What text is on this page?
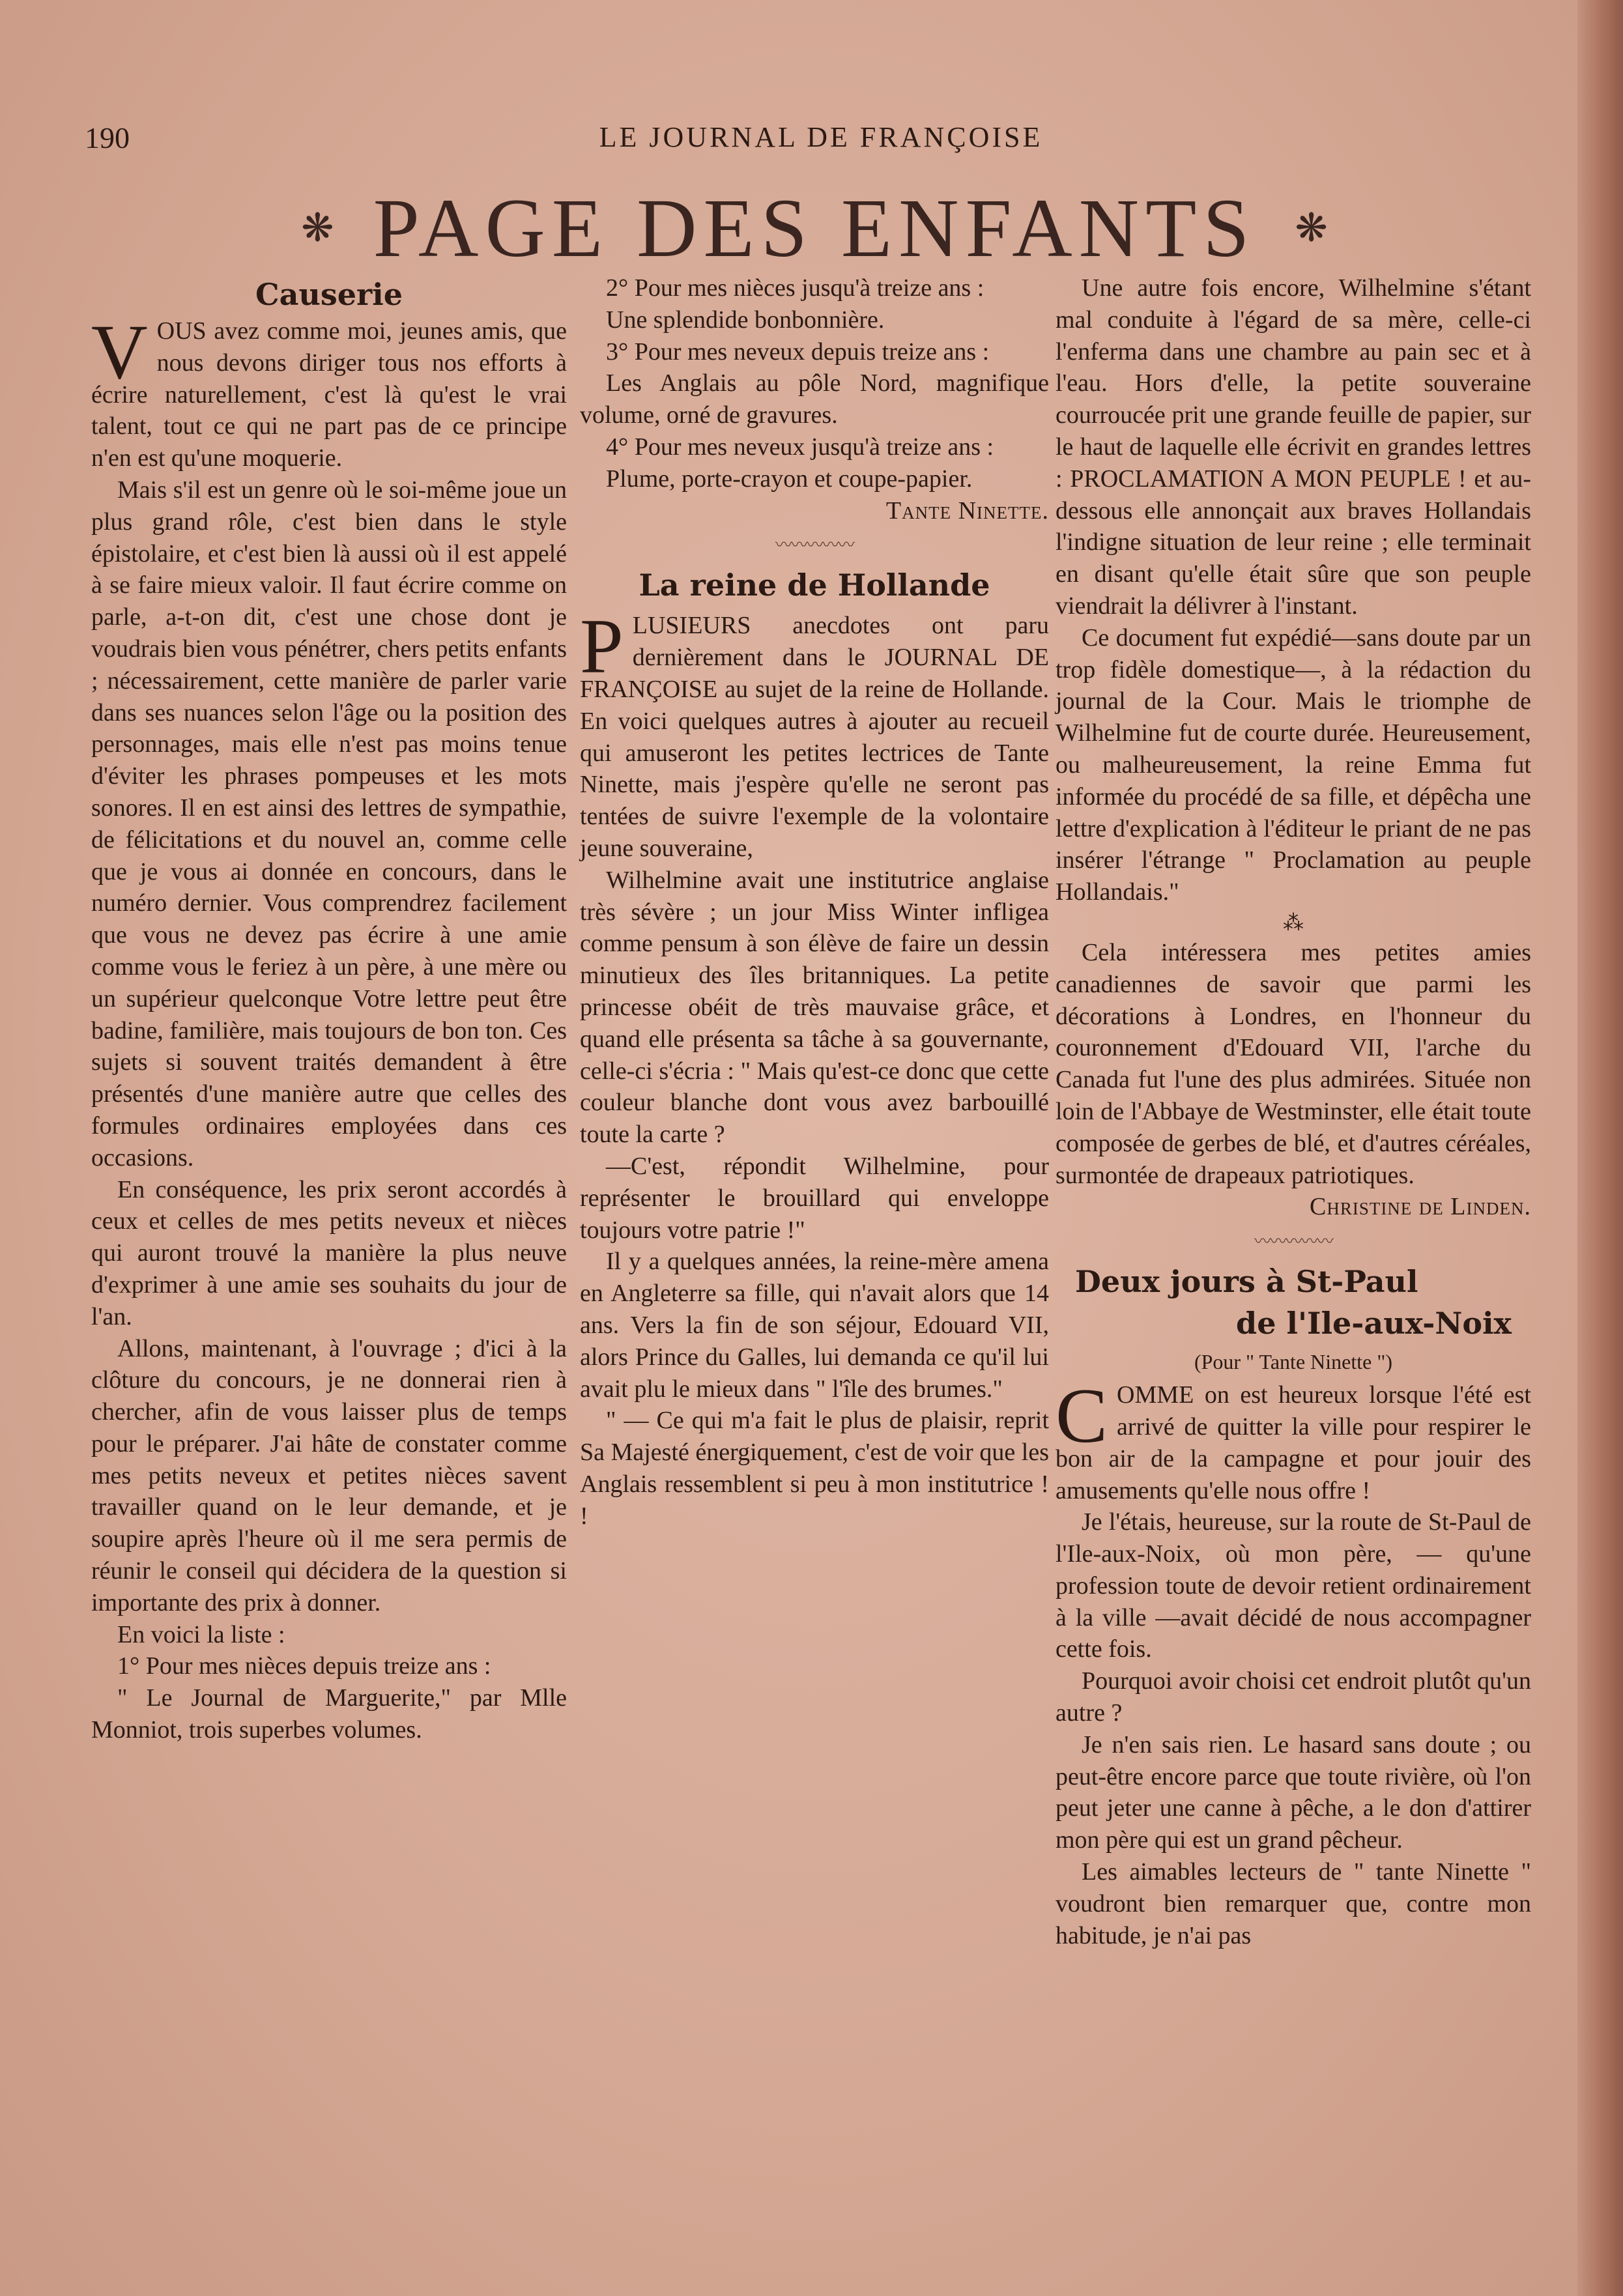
190	LE JOURNAL DE FRANÇOISE
❋ PAGE DES ENFANTS ❋
Causerie

VOUS avez comme moi, jeunes amis, que nous devons diriger tous nos efforts à écrire naturellement, c'est là qu'est le vrai talent, tout ce qui ne part pas de ce principe n'en est qu'une moquerie.

Mais s'il est un genre où le soi-même joue un plus grand rôle, c'est bien dans le style épistolaire, et c'est bien là aussi où il est appelé à se faire mieux valoir. Il faut écrire comme on parle, a-t-on dit, c'est une chose dont je voudrais bien vous pénétrer, chers petits enfants ; nécessairement, cette manière de parler varie dans ses nuances selon l'âge ou la position des personnages, mais elle n'est pas moins tenue d'éviter les phrases pompeuses et les mots sonores. Il en est ainsi des lettres de sympathie, de félicitations et du nouvel an, comme celle que je vous ai donnée en concours, dans le numéro dernier. Vous comprendrez facilement que vous ne devez pas écrire à une amie comme vous le feriez à un père, à une mère ou un supérieur quelconque Votre lettre peut être badine, familière, mais toujours de bon ton. Ces sujets si souvent traités demandent à être présentés d'une manière autre que celles des formules ordinaires employées dans ces occasions.

En conséquence, les prix seront accordés à ceux et celles de mes petits neveux et nièces qui auront trouvé la manière la plus neuve d'exprimer à une amie ses souhaits du jour de l'an.

Allons, maintenant, à l'ouvrage ; d'ici à la clôture du concours, je ne donnerai rien à chercher, afin de vous laisser plus de temps pour le préparer. J'ai hâte de constater comme mes petits neveux et petites nièces savent travailler quand on le leur demande, et je soupire après l'heure où il me sera permis de réunir le conseil qui décidera de la question si importante des prix à donner.

En voici la liste :

1° Pour mes nièces depuis treize ans :

" Le Journal de Marguerite," par Mlle Monniot, trois superbes volumes.

2° Pour mes nièces jusqu'à treize ans :

Une splendide bonbonnière.

3° Pour mes neveux depuis treize ans :

Les Anglais au pôle Nord, magnifique volume, orné de gravures.

4° Pour mes neveux jusqu'à treize ans :

Plume, porte-crayon et coupe-papier.

Tante Ninette.

〰〰〰〰〰
La reine de Hollande

PLUSIEURS anecdotes ont paru dernièrement dans le JOURNAL DE FRANÇOISE au sujet de la reine de Hollande. En voici quelques autres à ajouter au recueil qui amuseront les petites lectrices de Tante Ninette, mais j'espère qu'elle ne seront pas tentées de suivre l'exemple de la volontaire jeune souveraine,

Wilhelmine avait une institutrice anglaise très sévère ; un jour Miss Winter infligea comme pensum à son élève de faire un dessin minutieux des îles britanniques. La petite princesse obéit de très mauvaise grâce, et quand elle présenta sa tâche à sa gouvernante, celle-ci s'écria : " Mais qu'est-ce donc que cette couleur blanche dont vous avez barbouillé toute la carte ?

—C'est, répondit Wilhelmine, pour représenter le brouillard qui enveloppe toujours votre patrie !"

Il y a quelques années, la reine-mère amena en Angleterre sa fille, qui n'avait alors que 14 ans. Vers la fin de son séjour, Edouard VII, alors Prince du Galles, lui demanda ce qu'il lui avait plu le mieux dans " l'île des brumes."

" — Ce qui m'a fait le plus de plaisir, reprit Sa Majesté énergiquement, c'est de voir que les Anglais ressemblent si peu à mon institutrice ! !

Une autre fois encore, Wilhelmine s'étant mal conduite à l'égard de sa mère, celle-ci l'enferma dans une chambre au pain sec et à l'eau. Hors d'elle, la petite souveraine courroucée prit une grande feuille de papier, sur le haut de laquelle elle écrivit en grandes lettres : PROCLAMATION A MON PEUPLE ! et au-dessous elle annonçait aux braves Hollandais l'indigne situation de leur reine ; elle terminait en disant qu'elle était sûre que son peuple viendrait la délivrer à l'instant.

Ce document fut expédié—sans doute par un trop fidèle domestique—, à la rédaction du journal de la Cour. Mais le triomphe de Wilhelmine fut de courte durée. Heureusement, ou malheureusement, la reine Emma fut informée du procédé de sa fille, et dépêcha une lettre d'explication à l'éditeur le priant de ne pas insérer l'étrange " Proclamation au peuple Hollandais."

⁂

Cela intéressera mes petites amies canadiennes de savoir que parmi les décorations à Londres, en l'honneur du couronnement d'Edouard VII, l'arche du Canada fut l'une des plus admirées. Située non loin de l'Abbaye de Westminster, elle était toute composée de gerbes de blé, et d'autres céréales, surmontée de drapeaux patriotiques.

Christine de Linden.

〰〰〰〰〰
Deux jours à St-Paul
de l'Ile-aux-Noix
(Pour " Tante Ninette ")

COMME on est heureux lorsque l'été est arrivé de quitter la ville pour respirer le bon air de la campagne et pour jouir des amusements qu'elle nous offre !

Je l'étais, heureuse, sur la route de St-Paul de l'Ile-aux-Noix, où mon père, — qu'une profession toute de devoir retient ordinairement à la ville —avait décidé de nous accompagner cette fois.

Pourquoi avoir choisi cet endroit plutôt qu'un autre ?

Je n'en sais rien. Le hasard sans doute ; ou peut-être encore parce que toute rivière, où l'on peut jeter une canne à pêche, a le don d'attirer mon père qui est un grand pêcheur.

Les aimables lecteurs de " tante Ninette " voudront bien remarquer que, contre mon habitude, je n'ai pas
